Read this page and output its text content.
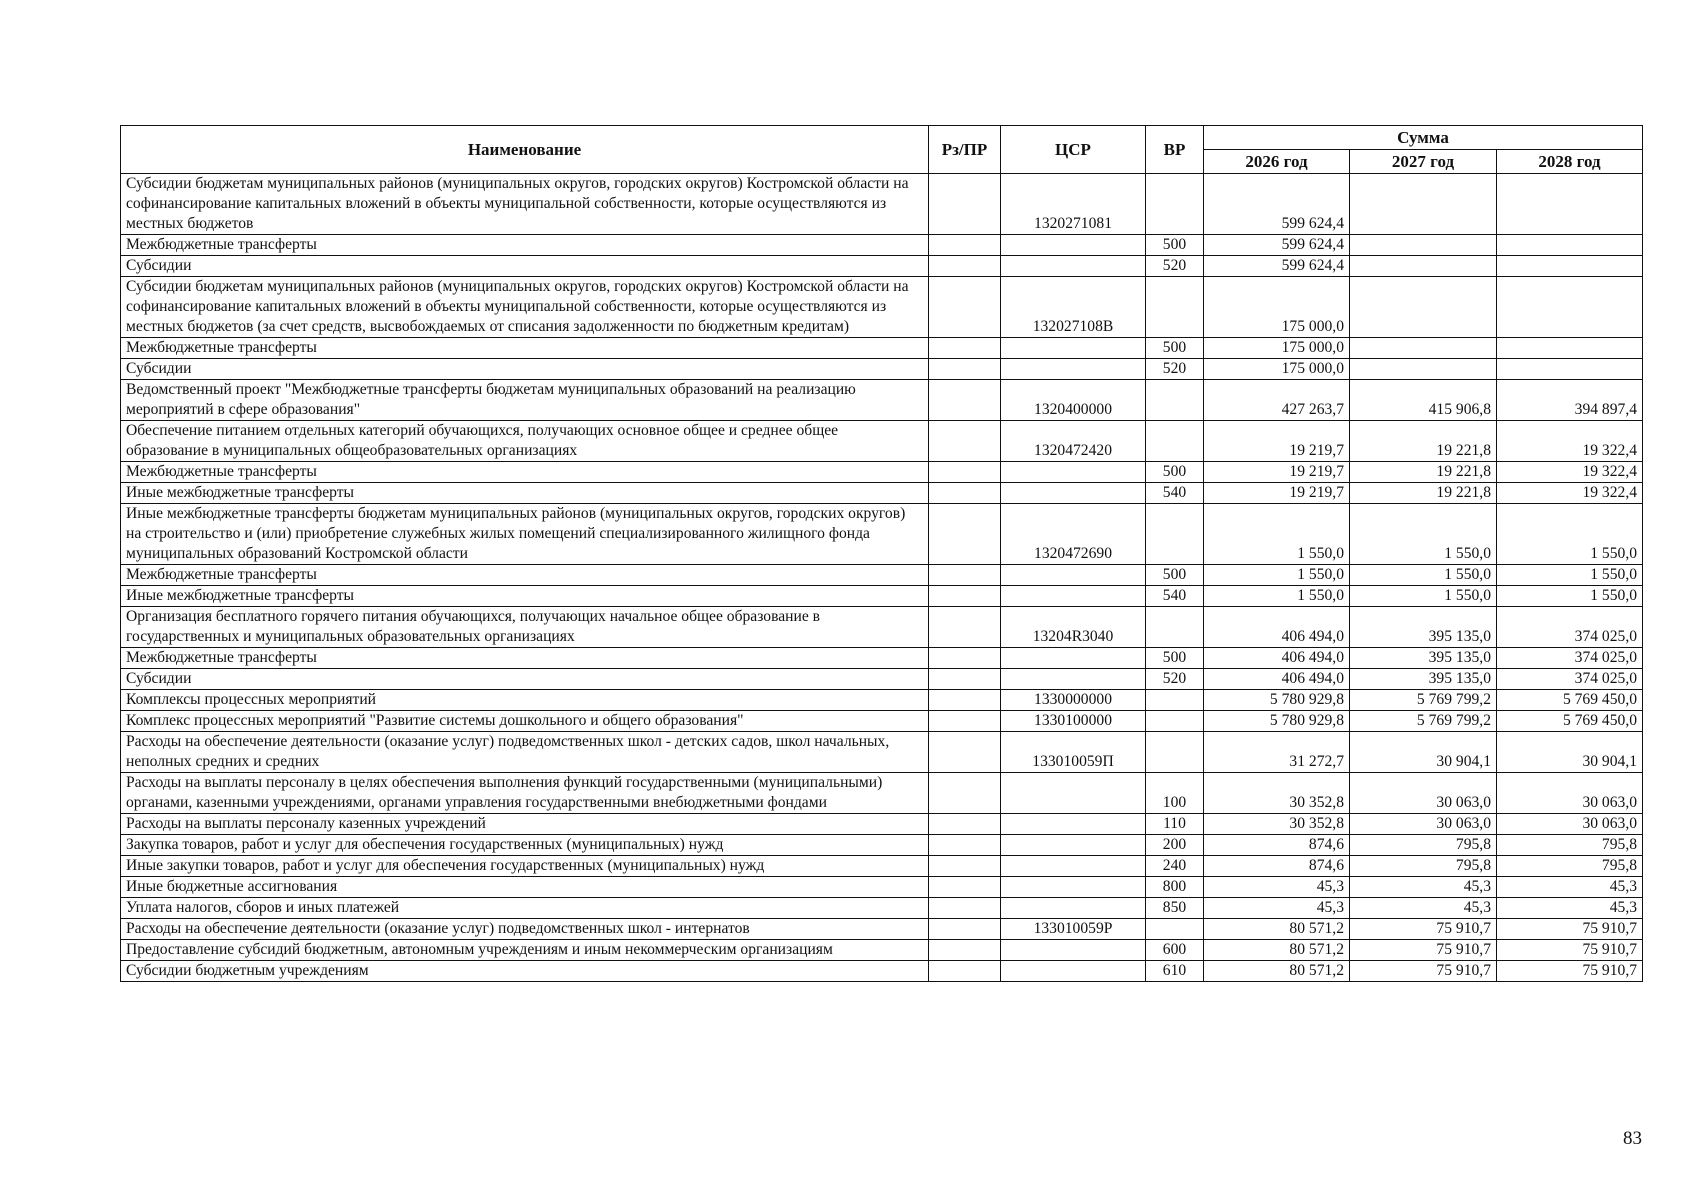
Наименование	Рз/ПР	ЦСР	ВР	Сумма		
				2026 год	2027 год	2028 год
Субсидии бюджетам муниципальных районов (муниципальных округов, городских округов) Костромской области на софинансирование капитальных вложений в объекты муниципальной собственности, которые осуществляются из местных бюджетов		1320271081		599 624,4		
Межбюджетные трансферты			500	599 624,4		
Субсидии			520	599 624,4		
Субсидии бюджетам муниципальных районов (муниципальных округов, городских округов) Костромской области на софинансирование капитальных вложений в объекты муниципальной собственности, которые осуществляются из местных бюджетов (за счет средств, высвобождаемых от списания задолженности по бюджетным кредитам)		132027108В		175 000,0		
Межбюджетные трансферты			500	175 000,0		
Субсидии			520	175 000,0		
Ведомственный проект "Межбюджетные трансферты бюджетам муниципальных образований на реализацию мероприятий в сфере образования"		1320400000		427 263,7	415 906,8	394 897,4
Обеспечение питанием отдельных категорий обучающихся, получающих основное общее и среднее общее образование в муниципальных общеобразовательных организациях		1320472420		19 219,7	19 221,8	19 322,4
Межбюджетные трансферты			500	19 219,7	19 221,8	19 322,4
Иные межбюджетные трансферты			540	19 219,7	19 221,8	19 322,4
Иные межбюджетные трансферты бюджетам муниципальных районов (муниципальных округов, городских округов) на строительство и (или) приобретение служебных жилых помещений специализированного жилищного фонда муниципальных образований Костромской области		1320472690		1 550,0	1 550,0	1 550,0
Межбюджетные трансферты			500	1 550,0	1 550,0	1 550,0
Иные межбюджетные трансферты			540	1 550,0	1 550,0	1 550,0
Организация бесплатного горячего питания обучающихся, получающих начальное общее образование в государственных и муниципальных образовательных организациях		13204R3040		406 494,0	395 135,0	374 025,0
Межбюджетные трансферты			500	406 494,0	395 135,0	374 025,0
Субсидии			520	406 494,0	395 135,0	374 025,0
Комплексы процессных мероприятий		1330000000		5 780 929,8	5 769 799,2	5 769 450,0
Комплекс процессных мероприятий "Развитие системы дошкольного и общего образования"		1330100000		5 780 929,8	5 769 799,2	5 769 450,0
Расходы на обеспечение деятельности (оказание услуг) подведомственных школ - детских садов, школ начальных, неполных средних и средних		133010059П		31 272,7	30 904,1	30 904,1
Расходы на выплаты персоналу в целях обеспечения выполнения функций государственными (муниципальными) органами, казенными учреждениями, органами управления государственными внебюджетными фондами			100	30 352,8	30 063,0	30 063,0
Расходы на выплаты персоналу казенных учреждений			110	30 352,8	30 063,0	30 063,0
Закупка товаров, работ и услуг для обеспечения государственных (муниципальных) нужд			200	874,6	795,8	795,8
Иные закупки товаров, работ и услуг для обеспечения государственных (муниципальных) нужд			240	874,6	795,8	795,8
Иные бюджетные ассигнования			800	45,3	45,3	45,3
Уплата налогов, сборов и иных платежей			850	45,3	45,3	45,3
Расходы на обеспечение деятельности (оказание услуг) подведомственных школ - интернатов		133010059Р		80 571,2	75 910,7	75 910,7
Предоставление субсидий бюджетным, автономным учреждениям и иным некоммерческим организациям			600	80 571,2	75 910,7	75 910,7
Субсидии бюджетным учреждениям			610	80 571,2	75 910,7	75 910,7
83
